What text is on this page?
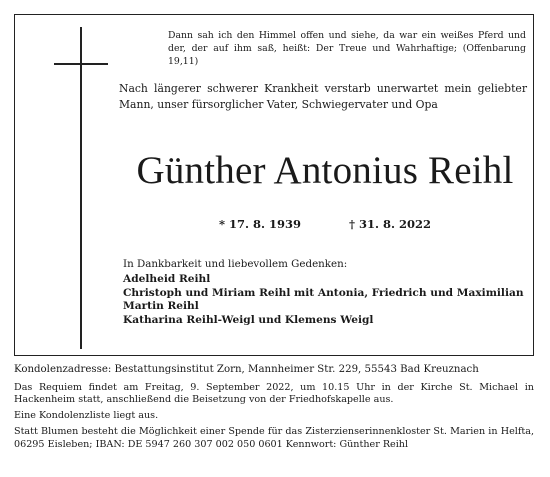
Dann sah ich den Himmel offen und siehe, da war ein weißes Pferd und der, der auf ihm saß, heißt: Der Treue und Wahrhaftige; (Offenbarung 19,11)
Nach längerer schwerer Krankheit verstarb unerwartet mein geliebter Mann, unser fürsorglicher Vater, Schwiegervater und Opa
Günther Antonius Reihl
* 17. 8. 1939	† 31. 8. 2022
In Dankbarkeit und liebevollem Gedenken:
Adelheid Reihl
Christoph und Miriam Reihl mit Antonia, Friedrich und Maximilian
Martin Reihl
Katharina Reihl-Weigl und Klemens Weigl

Kondolenzadresse: Bestattungsinstitut Zorn, Mannheimer Str. 229, 55543 Bad Kreuznach

Das Requiem findet am Freitag, 9. September 2022, um 10.15 Uhr in der Kirche St. Michael in Hackenheim statt, anschließend die Beisetzung von der Friedhofskapelle aus.

Eine Kondolenzliste liegt aus.

Statt Blumen besteht die Möglichkeit einer Spende für das Zisterzienserinnenkloster St. Marien in Helfta, 06295 Eisleben; IBAN: DE 5947 260 307 002 050 0601 Kennwort: Günther Reihl
